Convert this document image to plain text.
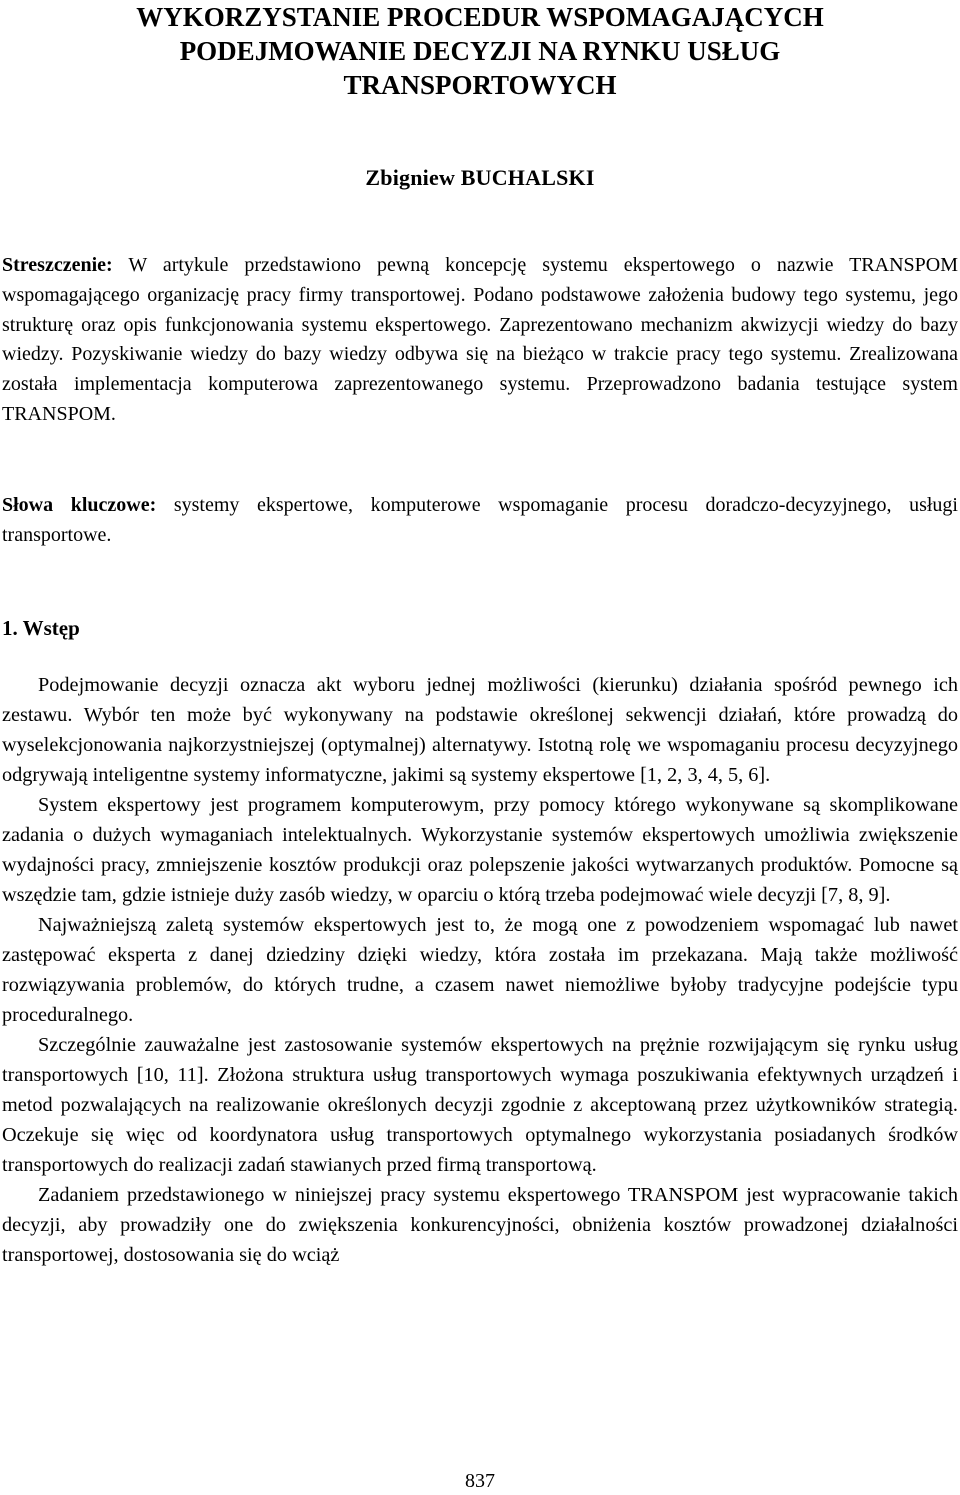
WYKORZYSTANIE PROCEDUR WSPOMAGAJĄCYCH
PODEJMOWANIE DECYZJI NA RYNKU USŁUG
TRANSPORTOWYCH
Zbigniew BUCHALSKI
Streszczenie: W artykule przedstawiono pewną koncepcję systemu ekspertowego o nazwie TRANSPOM wspomagającego organizację pracy firmy transportowej. Podano podstawowe założenia budowy tego systemu, jego strukturę oraz opis funkcjonowania systemu ekspertowego. Zaprezentowano mechanizm akwizycji wiedzy do bazy wiedzy. Pozyskiwanie wiedzy do bazy wiedzy odbywa się na bieżąco w trakcie pracy tego systemu. Zrealizowana została implementacja komputerowa zaprezentowanego systemu. Przeprowadzono badania testujące system TRANSPOM.
Słowa kluczowe: systemy ekspertowe, komputerowe wspomaganie procesu doradczo-decyzyjnego, usługi transportowe.
1. Wstęp

Podejmowanie decyzji oznacza akt wyboru jednej możliwości (kierunku) działania spośród pewnego ich zestawu. Wybór ten może być wykonywany na podstawie określonej sekwencji działań, które prowadzą do wyselekcjonowania najkorzystniejszej (optymalnej) alternatywy. Istotną rolę we wspomaganiu procesu decyzyjnego odgrywają inteligentne systemy informatyczne, jakimi są systemy ekspertowe [1, 2, 3, 4, 5, 6].

System ekspertowy jest programem komputerowym, przy pomocy którego wykonywane są skomplikowane zadania o dużych wymaganiach intelektualnych. Wykorzystanie systemów ekspertowych umożliwia zwiększenie wydajności pracy, zmniejszenie kosztów produkcji oraz polepszenie jakości wytwarzanych produktów. Pomocne są wszędzie tam, gdzie istnieje duży zasób wiedzy, w oparciu o którą trzeba podejmować wiele decyzji [7, 8, 9].

Najważniejszą zaletą systemów ekspertowych jest to, że mogą one z powodzeniem wspomagać lub nawet zastępować eksperta z danej dziedziny dzięki wiedzy, która została im przekazana. Mają także możliwość rozwiązywania problemów, do których trudne, a czasem nawet niemożliwe byłoby tradycyjne podejście typu proceduralnego.

Szczególnie zauważalne jest zastosowanie systemów ekspertowych na prężnie rozwijającym się rynku usług transportowych [10, 11]. Złożona struktura usług transportowych wymaga poszukiwania efektywnych urządzeń i metod pozwalających na realizowanie określonych decyzji zgodnie z akceptowaną przez użytkowników strategią. Oczekuje się więc od koordynatora usług transportowych optymalnego wykorzystania posiadanych środków transportowych do realizacji zadań stawianych przed firmą transportową.

Zadaniem przedstawionego w niniejszej pracy systemu ekspertowego TRANSPOM jest wypracowanie takich decyzji, aby prowadziły one do zwiększenia konkurencyjności, obniżenia kosztów prowadzonej działalności transportowej, dostosowania się do wciąż

837
